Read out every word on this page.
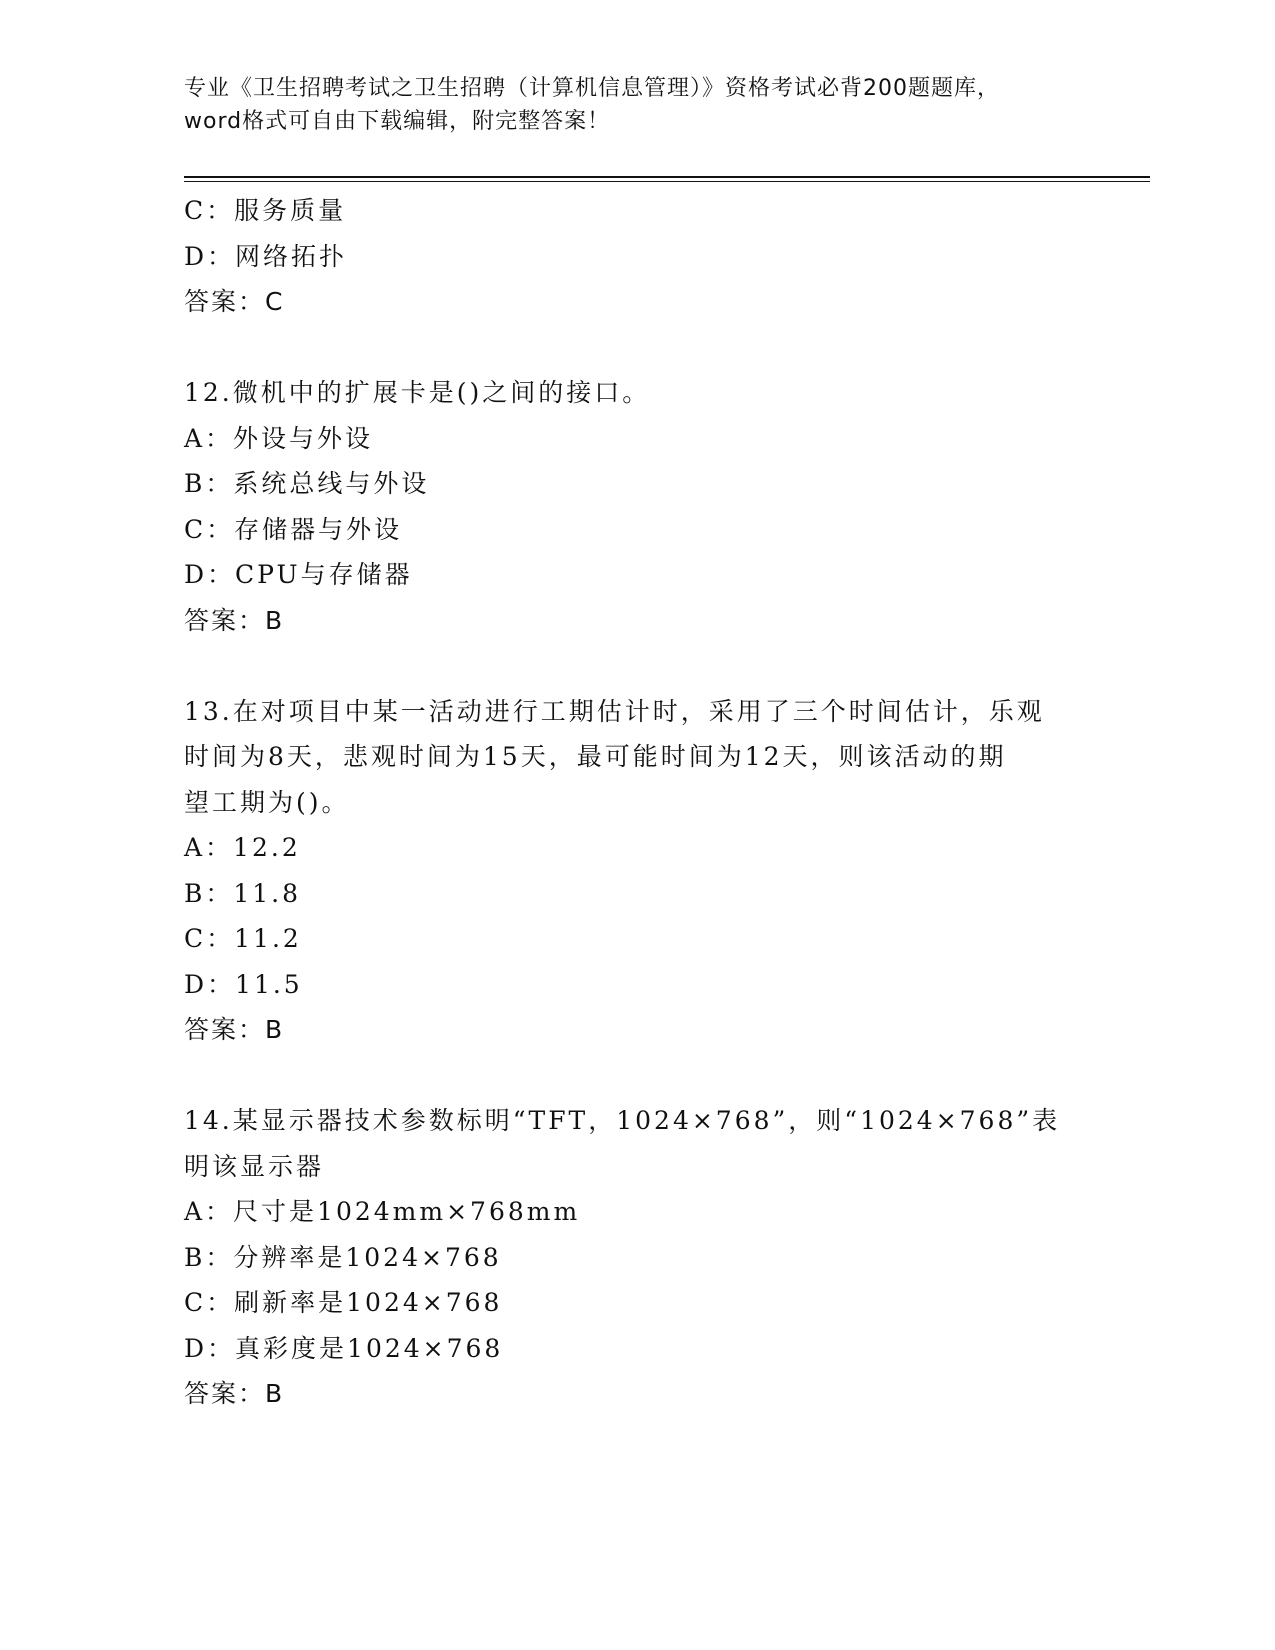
专业《卫生招聘考试之卫生招聘（计算机信息管理）》资格考试必背200题题库，
word格式可自由下载编辑，附完整答案！
C：服务质量
D：网络拓扑
答案：C
12.微机中的扩展卡是()之间的接口。
A：外设与外设
B：系统总线与外设
C：存储器与外设
D：CPU与存储器
答案：B
13.在对项目中某一活动进行工期估计时，采用了三个时间估计，乐观
时间为8天，悲观时间为15天，最可能时间为12天，则该活动的期
望工期为()。
A：12.2
B：11.8
C：11.2
D：11.5
答案：B
14.某显示器技术参数标明“TFT，1024×768”，则“1024×768”表
明该显示器
A：尺寸是1024mm×768mm
B：分辨率是1024×768
C：刷新率是1024×768
D：真彩度是1024×768
答案：B
